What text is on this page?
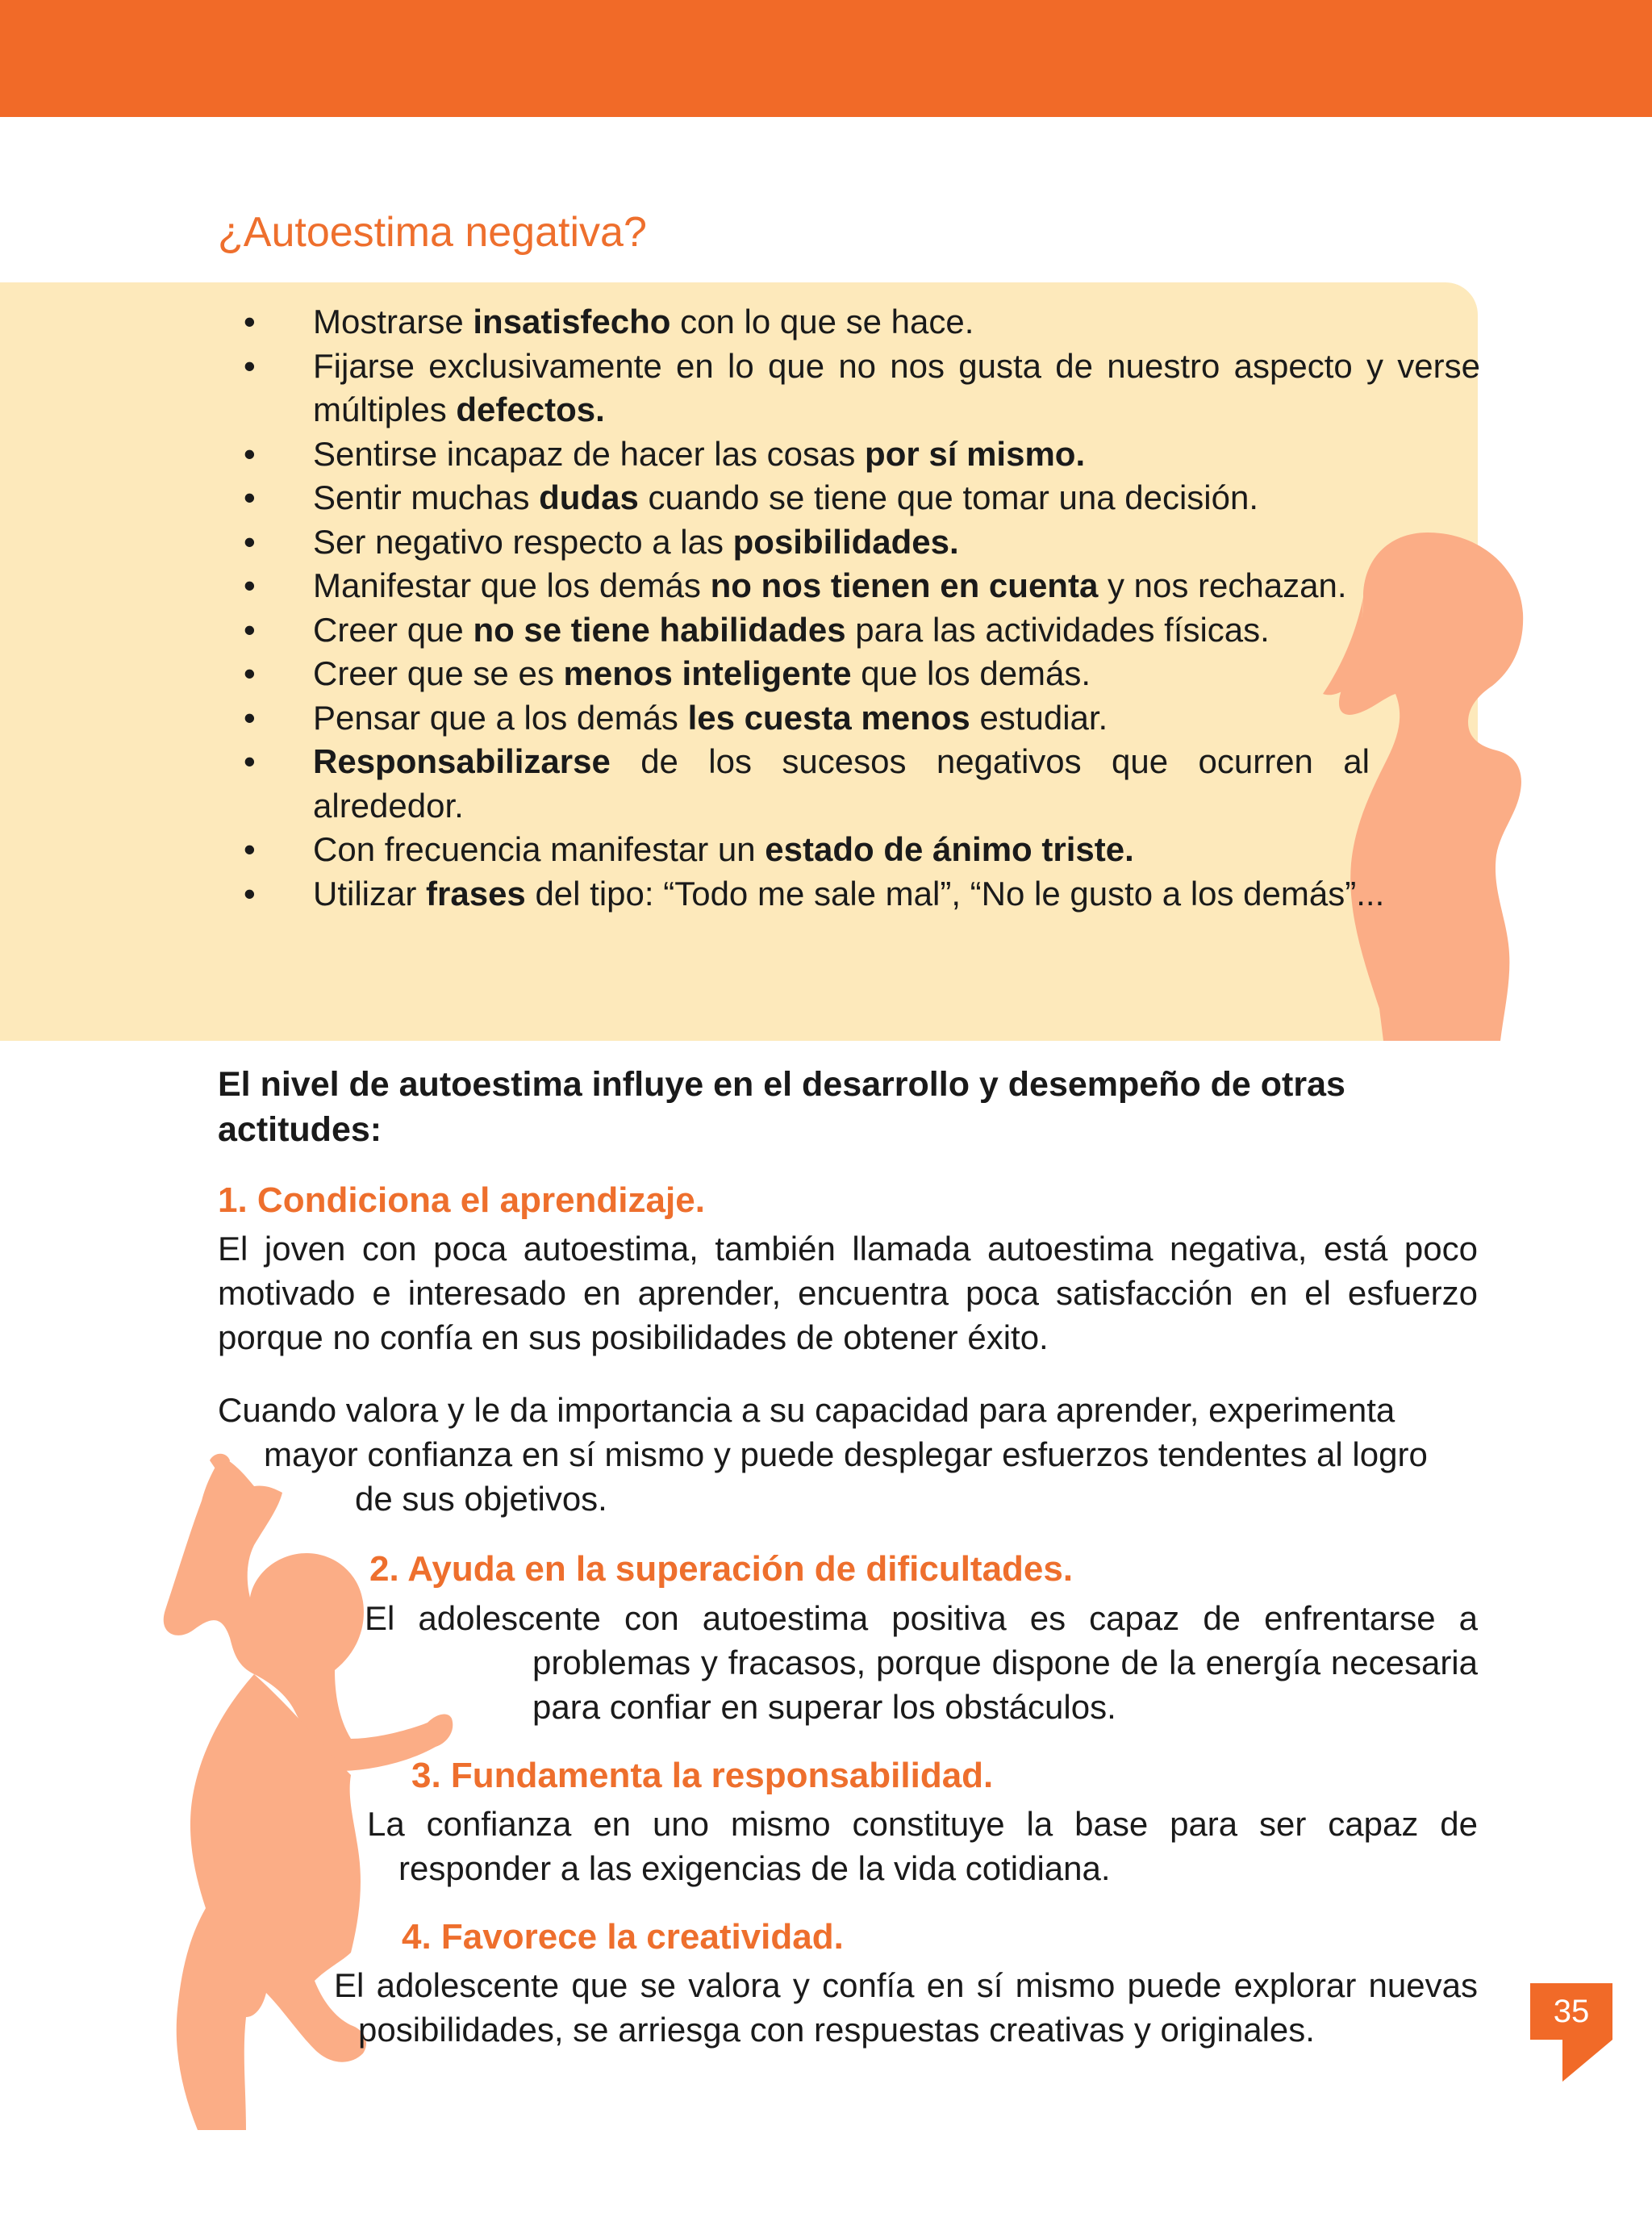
¿Autoestima negativa?
• Mostrarse insatisfecho con lo que se hace.
• Fijarse exclusivamente en lo que no nos gusta de nuestro aspecto y verse múltiples defectos.
• Sentirse incapaz de hacer las cosas por sí mismo.
• Sentir muchas dudas cuando se tiene que tomar una decisión.
• Ser negativo respecto a las posibilidades.
• Manifestar que los demás no nos tienen en cuenta y nos rechazan.
• Creer que no se tiene habilidades para las actividades físicas.
• Creer que se es menos inteligente que los demás.
• Pensar que a los demás les cuesta menos estudiar.
• Responsabilizarse de los sucesos negativos que ocurren al alrededor.
• Con frecuencia manifestar un estado de ánimo triste.
• Utilizar frases del tipo: “Todo me sale mal”, “No le gusto a los demás”...

El nivel de autoestima influye en el desarrollo y desempeño de otras actitudes:

1. Condiciona el aprendizaje.

El joven con poca autoestima, también llamada autoestima negativa, está poco motivado e interesado en aprender, encuentra poca satisfacción en el esfuerzo porque no confía en sus posibilidades de obtener éxito.

Cuando valora y le da importancia a su capacidad para aprender, experimenta

mayor confianza en sí mismo y puede desplegar esfuerzos tendentes al logro

de sus objetivos.

2. Ayuda en la superación de dificultades.

El adolescente con autoestima positiva es capaz de enfrentarse a

problemas y fracasos, porque dispone de la energía necesaria para confiar en superar los obstáculos.

3. Fundamenta la responsabilidad.

La confianza en uno mismo constituye la base para ser capaz de

responder a las exigencias de la vida cotidiana.

4. Favorece la creatividad.

El adolescente que se valora y confía en sí mismo puede explorar nuevas

posibilidades, se arriesga con respuestas creativas y originales.	35
